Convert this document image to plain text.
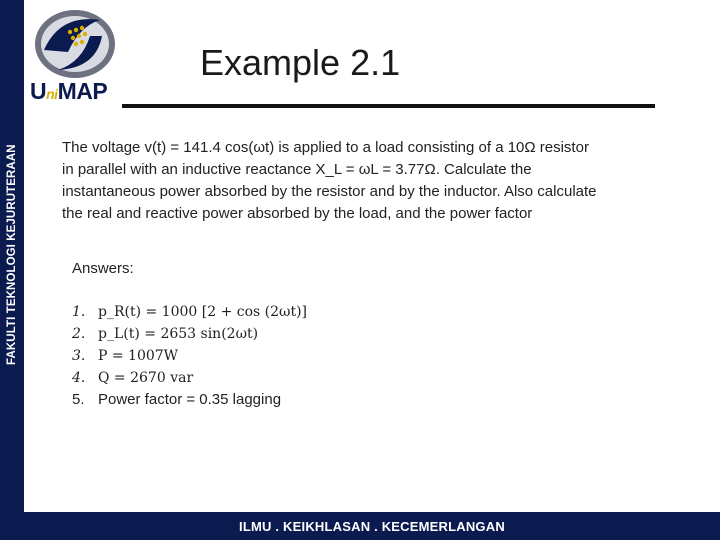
FAKULTI TEKNOLOGI KEJURUTERAAN
UniMAP
Example 2.1
The voltage v(t) = 141.4 cos(ωt) is applied to a load consisting of a 10Ω resistor
in parallel with an inductive reactance X_L = ωL = 3.77Ω. Calculate the
instantaneous power absorbed by the resistor and by the inductor. Also calculate
the real and reactive power absorbed by the load, and the power factor
Answers:
1. p_R(t) = 1000 [2 + cos (2ωt)]
2. p_L(t) = 2653 sin(2ωt)
3. P = 1007W
4. Q = 2670 var
5. Power factor = 0.35 lagging
ILMU . KEIKHLASAN . KECEMERLANGAN
